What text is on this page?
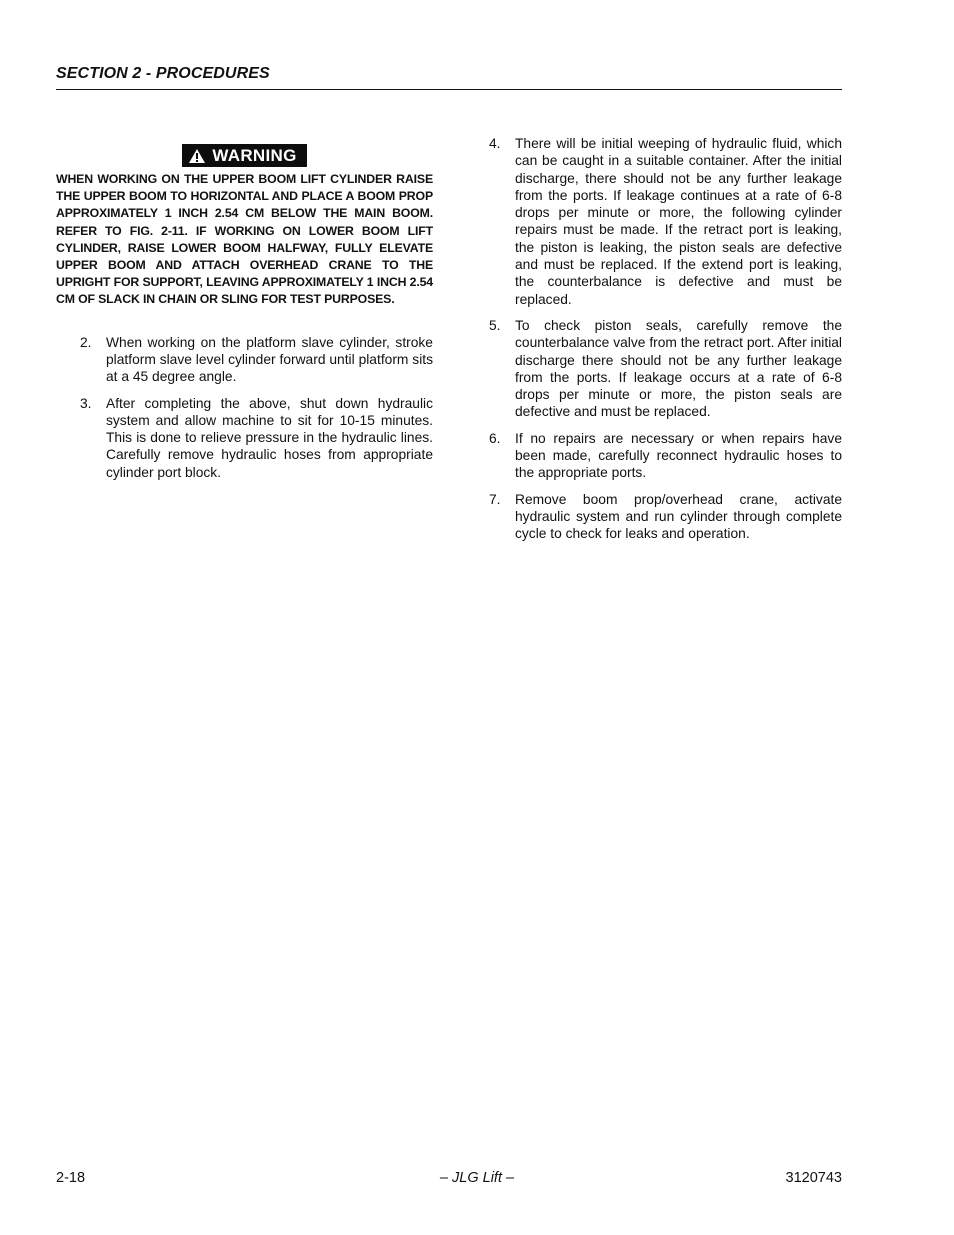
SECTION 2 - PROCEDURES
WARNING
WHEN WORKING ON THE UPPER BOOM LIFT CYLINDER RAISE THE UPPER BOOM TO HORIZONTAL AND PLACE A BOOM PROP APPROXIMATELY 1 INCH 2.54 CM BELOW THE MAIN BOOM. REFER TO FIG. 2-11. IF WORKING ON LOWER BOOM LIFT CYLINDER, RAISE LOWER BOOM HALFWAY, FULLY ELEVATE UPPER BOOM AND ATTACH OVERHEAD CRANE TO THE UPRIGHT FOR SUPPORT, LEAVING APPROXIMATELY 1 INCH 2.54 CM OF SLACK IN CHAIN OR SLING FOR TEST PURPOSES.
2. When working on the platform slave cylinder, stroke platform slave level cylinder forward until platform sits at a 45 degree angle.
3. After completing the above, shut down hydraulic system and allow machine to sit for 10-15 minutes. This is done to relieve pressure in the hydraulic lines. Carefully remove hydraulic hoses from appropriate cylinder port block.
4. There will be initial weeping of hydraulic fluid, which can be caught in a suitable container. After the initial discharge, there should not be any further leakage from the ports. If leakage continues at a rate of 6-8 drops per minute or more, the following cylinder repairs must be made. If the retract port is leaking, the piston is leaking, the piston seals are defective and must be replaced. If the extend port is leaking, the counterbalance is defective and must be replaced.
5. To check piston seals, carefully remove the counterbalance valve from the retract port. After initial discharge there should not be any further leakage from the ports. If leakage occurs at a rate of 6-8 drops per minute or more, the piston seals are defective and must be replaced.
6. If no repairs are necessary or when repairs have been made, carefully reconnect hydraulic hoses to the appropriate ports.
7. Remove boom prop/overhead crane, activate hydraulic system and run cylinder through complete cycle to check for leaks and operation.
2-18	– JLG Lift –	3120743
